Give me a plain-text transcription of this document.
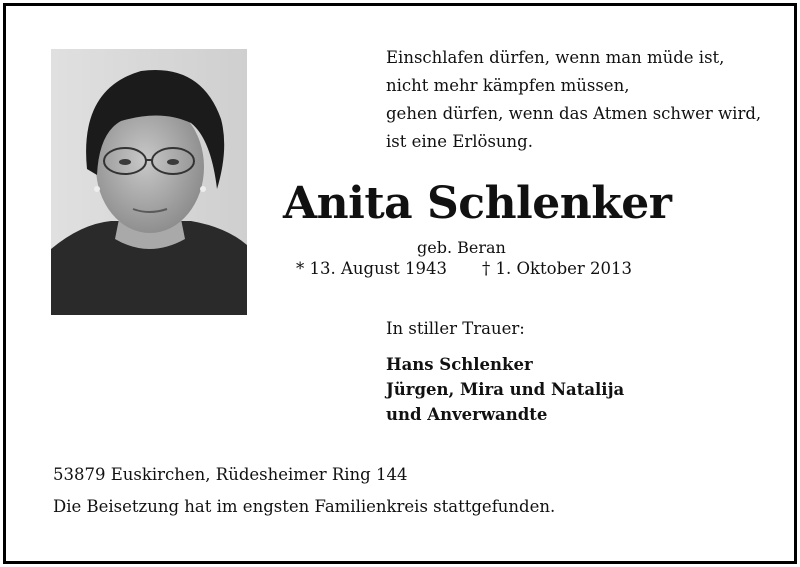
Einschlafen dürfen, wenn man müde ist,
nicht mehr kämpfen müssen,
gehen dürfen, wenn das Atmen schwer wird,
ist eine Erlösung.
Anita Schlenker
geb. Beran
* 13. August 1943 † 1. Oktober 2013
In stiller Trauer:
Hans Schlenker
Jürgen, Mira und Natalija
und Anverwandte
53879 Euskirchen, Rüdesheimer Ring 144
Die Beisetzung hat im engsten Familienkreis stattgefunden.
